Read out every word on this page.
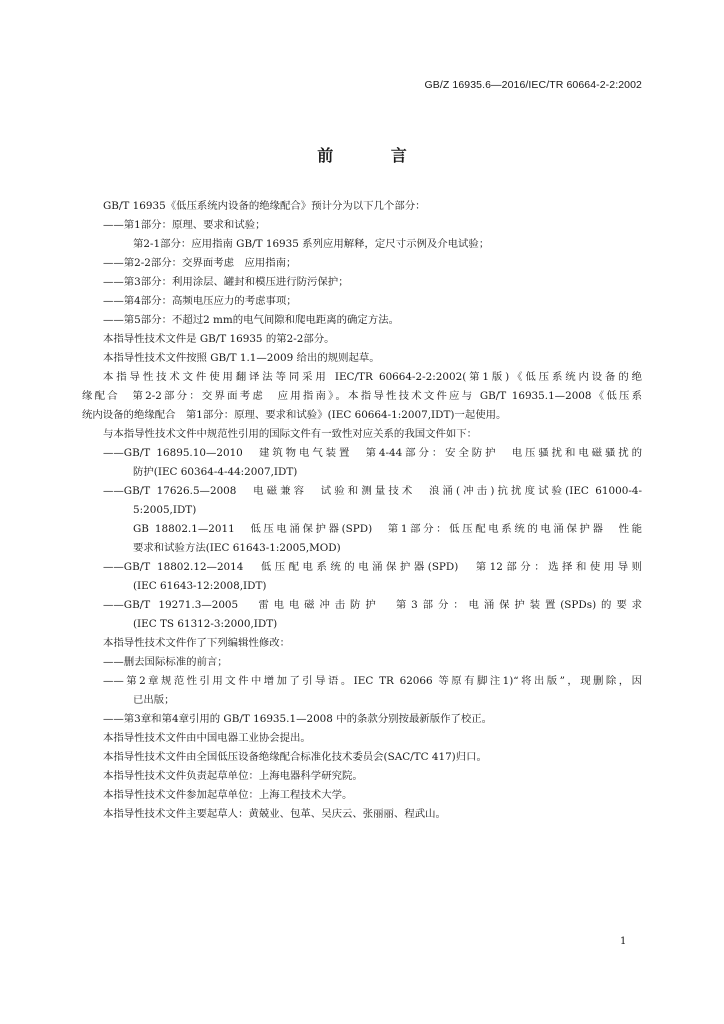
GB/Z 16935.6—2016/IEC/TR 60664-2-2:2002
前 言
GB/T 16935《低压系统内设备的绝缘配合》预计分为以下几个部分：
——第1部分：原理、要求和试验；
第2-1部分：应用指南 GB/T 16935 系列应用解释，定尺寸示例及介电试验；
——第2-2部分：交界面考虑　应用指南；
——第3部分：利用涂层、罐封和模压进行防污保护；
——第4部分：高频电压应力的考虑事项；
——第5部分：不超过2 mm的电气间隙和爬电距离的确定方法。
本指导性技术文件是 GB/T 16935 的第2-2部分。
本指导性技术文件按照 GB/T 1.1—2009 给出的规则起草。
本指导性技术文件使用翻译法等同采用 IEC/TR 60664-2-2:2002(第1版)《低压系统内设备的绝
缘配合　第2-2部分：交界面考虑　应用指南》。本指导性技术文件应与 GB/T 16935.1—2008《低压系
统内设备的绝缘配合　第1部分：原理、要求和试验》(IEC 60664-1:2007,IDT)一起使用。
与本指导性技术文件中规范性引用的国际文件有一致性对应关系的我国文件如下：
——GB/T 16895.10—2010　建筑物电气装置　第4-44部分：安全防护　电压骚扰和电磁骚扰的
防护(IEC 60364-4-44:2007,IDT)
——GB/T 17626.5—2008　电磁兼容　试验和测量技术　浪涌(冲击)抗扰度试验(IEC 61000-4-
5:2005,IDT)
GB 18802.1—2011　低压电涌保护器(SPD)　第1部分：低压配电系统的电涌保护器　性能
要求和试验方法(IEC 61643-1:2005,MOD)
——GB/T 18802.12—2014　低压配电系统的电涌保护器(SPD)　第12部分：选择和使用导则
(IEC 61643-12:2008,IDT)
——GB/T 19271.3—2005　雷电电磁冲击防护　第3部分：电涌保护装置(SPDs)的要求
(IEC TS 61312-3:2000,IDT)
本指导性技术文件作了下列编辑性修改：
——删去国际标准的前言；
——第2章规范性引用文件中增加了引导语。IEC TR 62066 等原有脚注1)“将出版”，现删除，因
已出版；
——第3章和第4章引用的 GB/T 16935.1—2008 中的条款分别按最新版作了校正。
本指导性技术文件由中国电器工业协会提出。
本指导性技术文件由全国低压设备绝缘配合标准化技术委员会(SAC/TC 417)归口。
本指导性技术文件负责起草单位：上海电器科学研究院。
本指导性技术文件参加起草单位：上海工程技术大学。
本指导性技术文件主要起草人：黄兢业、包革、吴庆云、张丽丽、程武山。
1
